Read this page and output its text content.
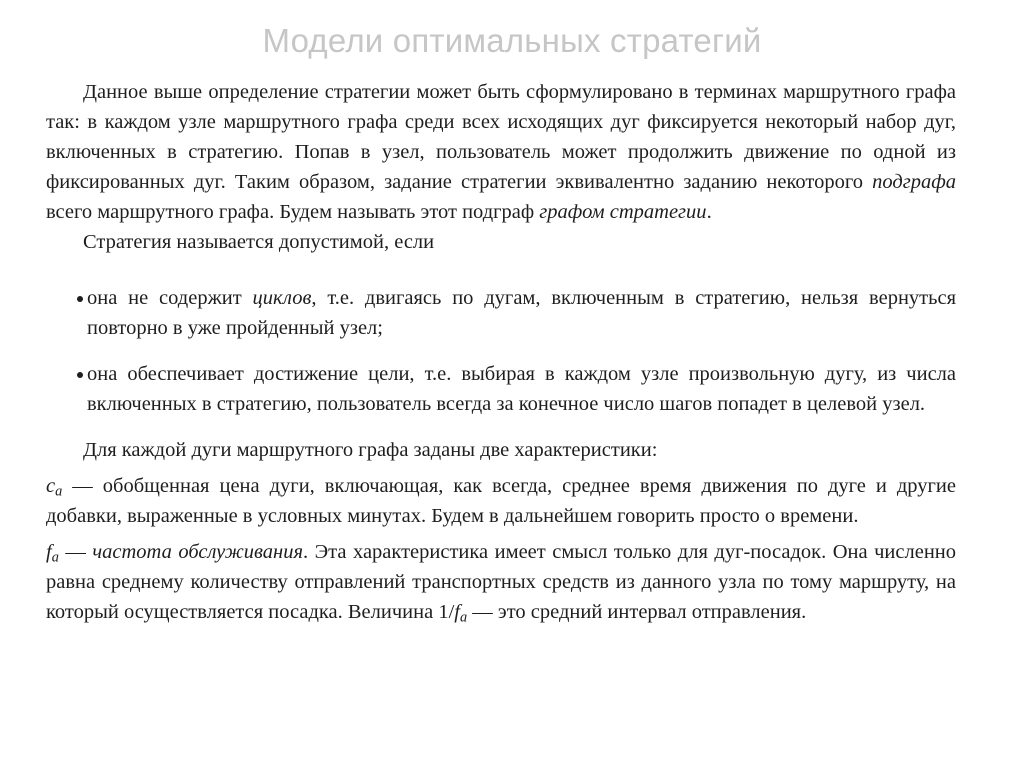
Модели оптимальных стратегий

Данное выше определение стратегии может быть сформулировано в терминах маршрутного графа так: в каждом узле маршрутного графа среди всех исходящих дуг фиксируется некоторый набор дуг, включенных в стратегию. Попав в узел, пользователь может продолжить движение по одной из фиксированных дуг. Таким образом, задание стратегии эквивалентно заданию некоторого подграфа всего маршрутного графа. Будем называть этот подграф графом стратегии.

Стратегия называется допустимой, если

она не содержит циклов, т.е. двигаясь по дугам, включенным в стратегию, нельзя вернуться повторно в уже пройденный узел;
она обеспечивает достижение цели, т.е. выбирая в каждом узле произвольную дугу, из числа включенных в стратегию, пользователь всегда за конечное число шагов попадет в целевой узел.

Для каждой дуги маршрутного графа заданы две характеристики:

$c_a$ — обобщенная цена дуги, включающая, как всегда, среднее время движения по дуге и другие добавки, выраженные в условных минутах. Будем в дальнейшем говорить просто о времени.

$f_a$ — частота обслуживания. Эта характеристика имеет смысл только для дуг-посадок. Она численно равна среднему количеству отправлений транспортных средств из данного узла по тому маршруту, на который осуществляется посадка. Величина $1/f_a$ — это средний интервал отправления.
